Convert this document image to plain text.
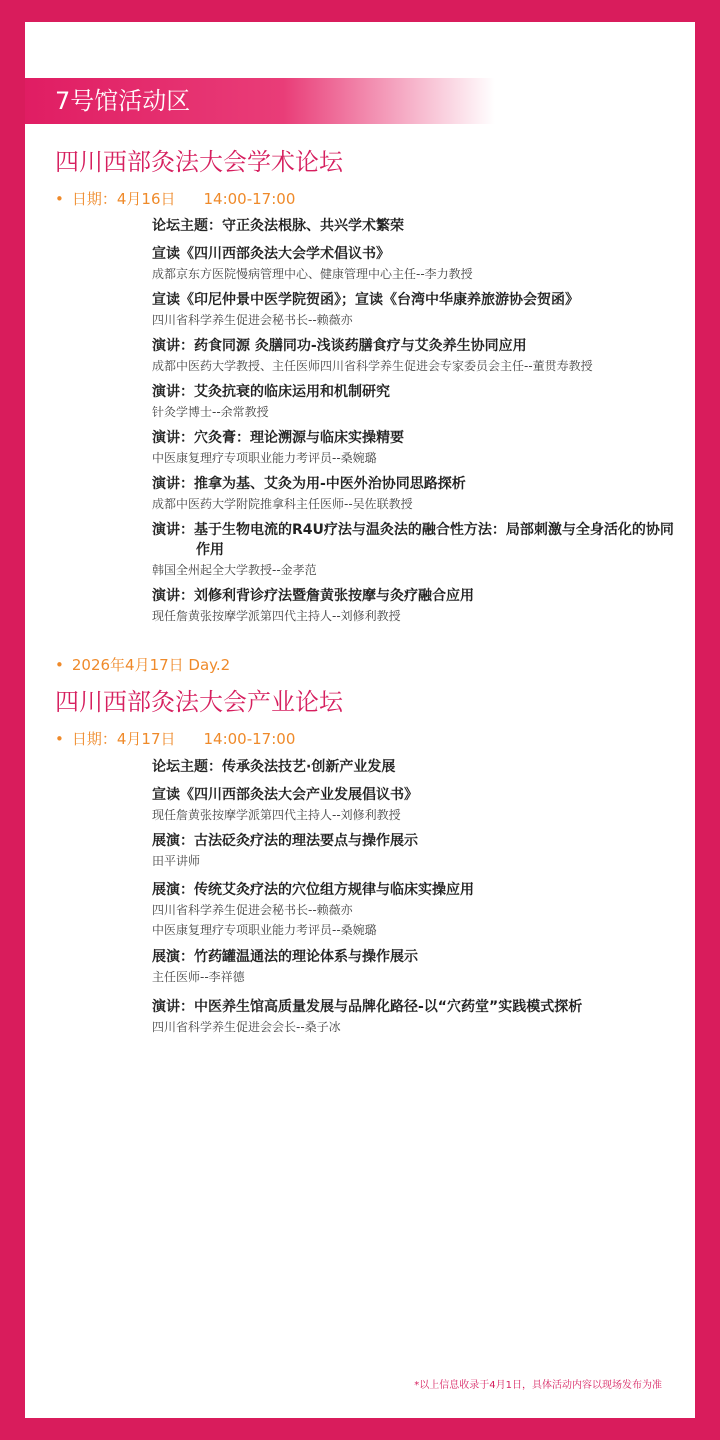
7号馆活动区
四川西部灸法大会学术论坛
• 日期：4月16日 14:00-17:00
论坛主题：守正灸法根脉、共兴学术繁荣
宣读《四川西部灸法大会学术倡议书》
成都京东方医院慢病管理中心、健康管理中心主任--李力教授
宣读《印尼仲景中医学院贺函》；宣读《台湾中华康养旅游协会贺函》
四川省科学养生促进会秘书长--赖薇亦
演讲：药食同源 灸膳同功-浅谈药膳食疗与艾灸养生协同应用
成都中医药大学教授、主任医师四川省科学养生促进会专家委员会主任--董贯寿教授
演讲：艾灸抗衰的临床运用和机制研究
针灸学博士--余常教授
演讲：穴灸膏：理论溯源与临床实操精要
中医康复理疗专项职业能力考评员--桑婉璐
演讲：推拿为基、艾灸为用-中医外治协同思路探析
成都中医药大学附院推拿科主任医师--吴佐联教授
演讲：基于生物电流的R4U疗法与温灸法的融合性方法：局部刺激与全身活化的协同作用
韩国全州起全大学教授--金孝范
演讲：刘修利背诊疗法暨詹黄张按摩与灸疗融合应用
现任詹黄张按摩学派第四代主持人--刘修利教授
• 2026年4月17日 Day.2
四川西部灸法大会产业论坛
• 日期：4月17日 14:00-17:00
论坛主题：传承灸法技艺·创新产业发展
宣读《四川西部灸法大会产业发展倡议书》
现任詹黄张按摩学派第四代主持人--刘修利教授
展演：古法砭灸疗法的理法要点与操作展示
田平讲师
展演：传统艾灸疗法的穴位组方规律与临床实操应用
四川省科学养生促进会秘书长--赖薇亦
中医康复理疗专项职业能力考评员--桑婉璐
展演：竹药罐温通法的理论体系与操作展示
主任医师--李祥德
演讲：中医养生馆高质量发展与品牌化路径-以“穴药堂”实践模式探析
四川省科学养生促进会会长--桑子冰
*以上信息收录于4月1日，具体活动内容以现场发布为准
